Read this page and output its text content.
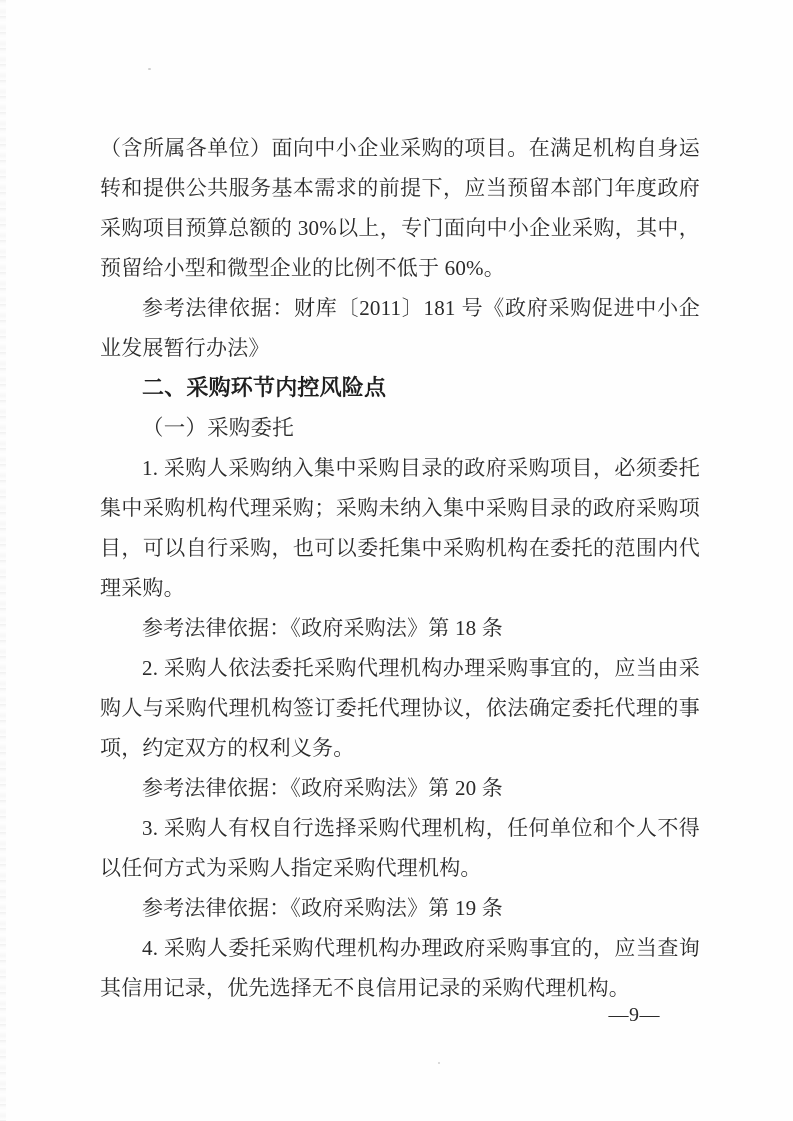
（含所属各单位）面向中小企业采购的项目。在满足机构自身运

转和提供公共服务基本需求的前提下，应当预留本部门年度政府

采购项目预算总额的 30%以上，专门面向中小企业采购，其中，

预留给小型和微型企业的比例不低于 60%。

参考法律依据：财库〔2011〕181 号《政府采购促进中小企

业发展暂行办法》

二、采购环节内控风险点

（一）采购委托

1. 采购人采购纳入集中采购目录的政府采购项目，必须委托

集中采购机构代理采购；采购未纳入集中采购目录的政府采购项

目，可以自行采购，也可以委托集中采购机构在委托的范围内代

理采购。

参考法律依据：《政府采购法》第 18 条

2. 采购人依法委托采购代理机构办理采购事宜的，应当由采

购人与采购代理机构签订委托代理协议，依法确定委托代理的事

项，约定双方的权利义务。

参考法律依据：《政府采购法》第 20 条

3. 采购人有权自行选择采购代理机构，任何单位和个人不得

以任何方式为采购人指定采购代理机构。

参考法律依据：《政府采购法》第 19 条

4. 采购人委托采购代理机构办理政府采购事宜的，应当查询

其信用记录，优先选择无不良信用记录的采购代理机构。

—9—
